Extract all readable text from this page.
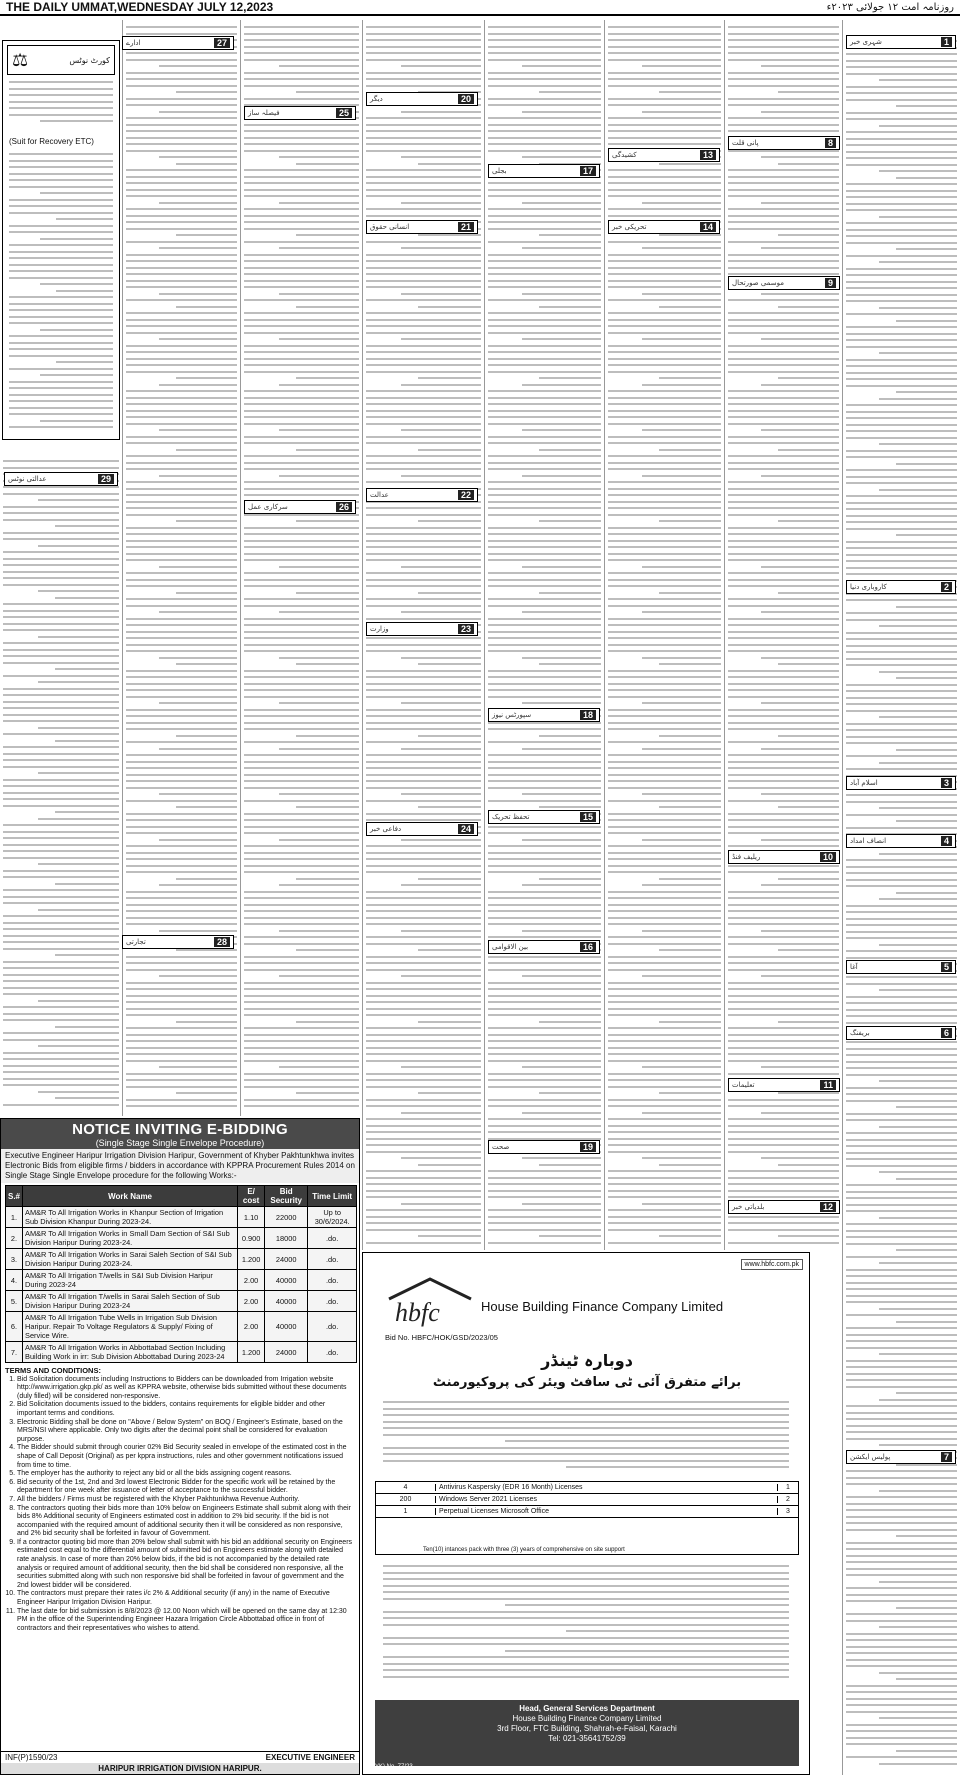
THE DAILY UMMAT,WEDNESDAY JULY 12,2023	روزنامہ امت ۱۲ جولائی ۲۰۲۳ء
⚖	کورٹ نوٹس
(Suit for Recovery ETC)
شہری خبر	1
کاروباری دنیا	2
اسلام آباد	3
انصاف امداد	4
آغا	5
بریفنگ	6
پولیس ایکشن	7
پانی قلت	8
موسمی صورتحال	9
ریلیف فنڈ	10
تعلیمات	11
بلدیاتی خبر	12
کشیدگی	13
تحریکی خبر	14
تحفظ تحریک	15
بین الاقوامی	16
بجلی	17
سپورٹس نیوز	18
صحت	19
دیگر	20
انسانی حقوق	21
عدالت	22
وزارت	23
دفاعی خبر	24
فیصلہ ساز	25
سرکاری عمل	26
ادارے	27
تجارتی	28
عدالتی نوٹس	29
NOTICE INVITING E-BIDDING
(Single Stage Single Envelope Procedure)
Executive Engineer Haripur Irrigation Division Haripur, Government of Khyber Pakhtunkhwa invites Electronic Bids from eligible firms / bidders in accordance with KPPRA Procurement Rules 2014 on Single Stage Single Envelope procedure for the following Works:-
S.#	Work Name	E/ cost	Bid Security	Time Limit
1.	AM&R To All Irrigation Works in Khanpur Section of Irrigation Sub Division Khanpur During 2023-24.	1.10	22000	Up to 30/6/2024.
2.	AM&R To All Irrigation Works in Small Dam Section of S&I Sub Division Haripur During 2023-24.	0.900	18000	.do.
3.	AM&R To All Irrigation Works in Sarai Saleh Section of S&I Sub Division Haripur During 2023-24.	1.200	24000	.do.
4.	AM&R To All Irrigation T/wells in S&I Sub Division Haripur During 2023-24	2.00	40000	.do.
5.	AM&R To All Irrigation T/wells in Sarai Saleh Section of Sub Division Haripur During 2023-24	2.00	40000	.do.
6.	AM&R To All Irrigation Tube Wells in Irrigation Sub Division Haripur. Repair To Voltage Regulators & Supply/ Fixing of Service Wire.	2.00	40000	.do.
7.	AM&R To All Irrigation Works in Abbottabad Section Including Building Work in irr: Sub Division Abbottabad During 2023-24	1.200	24000	.do.
TERMS AND CONDITIONS:
1. Bid Solicitation documents including Instructions to Bidders can be downloaded from Irrigation website http://www.irrigation.gkp.pk/ as well as KPPRA website, otherwise bids submitted without these documents (duly filled) will be considered non-responsive.
2. Bid Solicitation documents issued to the bidders, contains requirements for eligible bidder and other important terms and conditions.
3. Electronic Bidding shall be done on "Above / Below System" on BOQ / Engineer's Estimate, based on the MRS/NSI where applicable. Only two digits after the decimal point shall be considered for evaluation purpose.
4. The Bidder should submit through courier 02% Bid Security sealed in envelope of the estimated cost in the shape of Call Deposit (Original) as per kppra instructions, rules and other government notifications issued from time to time.
5. The employer has the authority to reject any bid or all the bids assigning cogent reasons.
6. Bid security of the 1st, 2nd and 3rd lowest Electronic Bidder for the specific work will be retained by the department for one week after issuance of letter of acceptance to the successful bidder.
7. All the bidders / Firms must be registered with the Khyber Pakhtunkhwa Revenue Authority.
8. The contractors quoting their bids more than 10% below on Engineers Estimate shall submit along with their bids 8% Additional security of Engineers estimated cost in addition to 2% bid security. If the bid is not accompanied with the required amount of additional security then it will be considered as non responsive, and 2% bid security shall be forfeited in favour of Government.
9. If a contractor quoting bid more than 20% below shall submit with his bid an additional security on Engineers estimated cost equal to the differential amount of submitted bid on Engineers estimate along with detailed rate analysis. In case of more than 20% below bids, if the bid is not accompanied by the detailed rate analysis or required amount of additional security, then the bid shall be considered non responsive, all the securities submitted along with such non responsive bid shall be forfeited in favour of government and the 2nd lowest bidder will be considered.
10. The contractors must prepare their rates i/c 2% & Additional security (if any) in the name of Executive Engineer Haripur Irrigation Division Haripur.
11. The last date for bid submission is 8/8/2023 @ 12.00 Noon which will be opened on the same day at 12:30 PM in the office of the Superintending Engineer Hazara Irrigation Circle Abbottabad office in front of contractors and their representatives who wishes to attend.
INF(P)1590/23	EXECUTIVE ENGINEER
HARIPUR IRRIGATION DIVISION HARIPUR.
www.hbfc.com.pk
hbfc	House Building Finance Company Limited
Bid No. HBFC/HOK/GSD/2023/05
دوبارہ ٹینڈر
برائے متفرق آئی ٹی سافٹ ویئر کی پروکیورمنٹ
4	Antivirus Kaspersky (EDR 16 Month) Licenses	1
200	Windows Server 2021 Licenses	2
1	Perpetual Licenses Microsoft Office	3
Ten(10) intances pack with three (3) years of comprehensive on site support
Head, General Services Department
House Building Finance Company Limited
3rd Floor, FTC Building, Shahrah-e-Faisal, Karachi
Tel: 021-35641752/39
PID(K) No. 77/23
